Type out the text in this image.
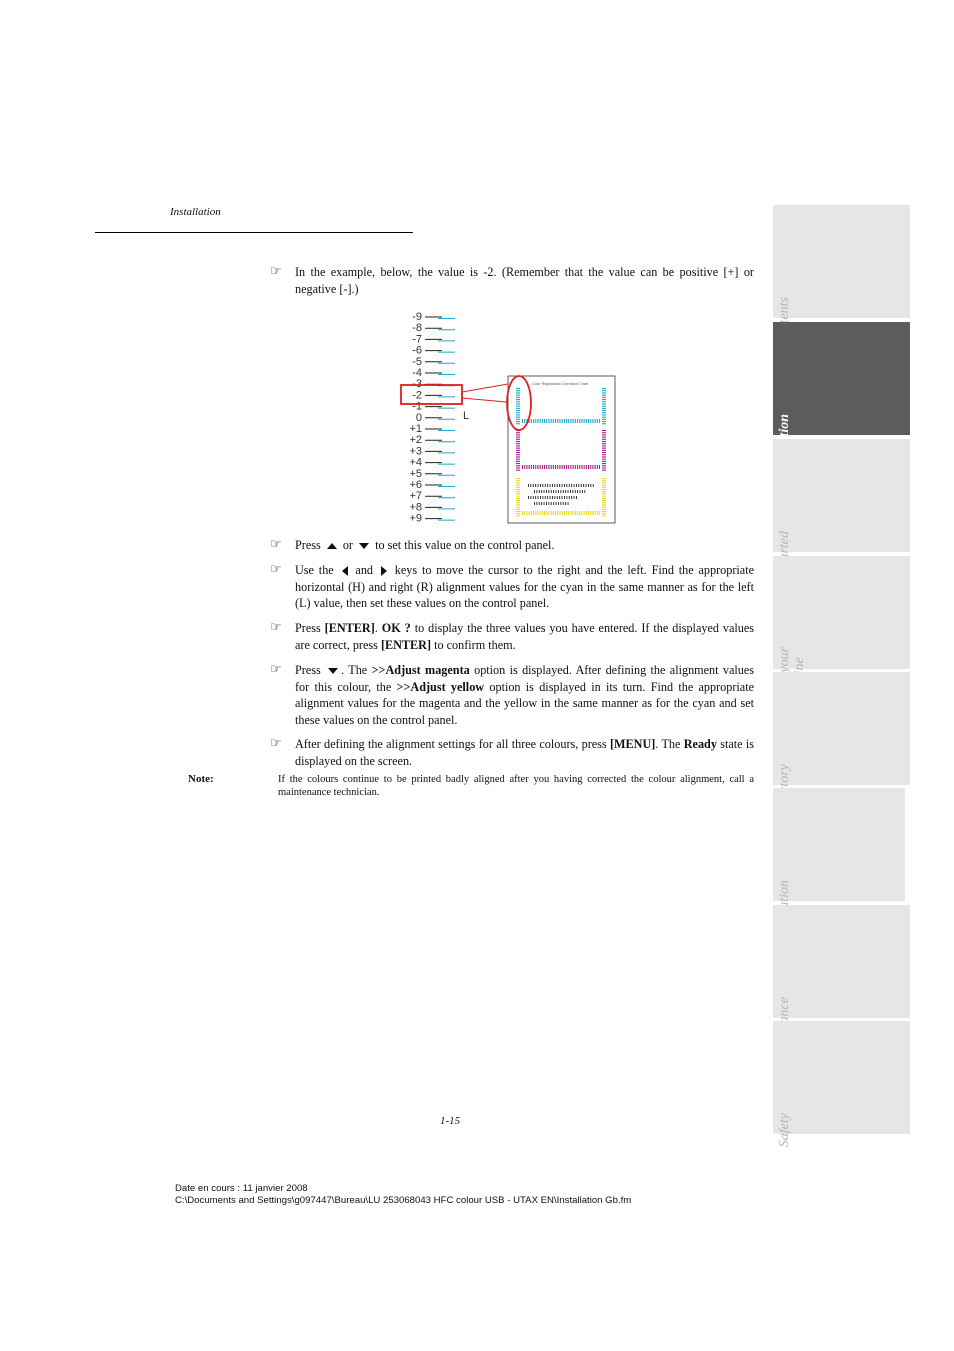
Installation
☞ In the example, below, the value is -2. (Remember that the value can be positive [+] or negative [-].)
-9
-8
-7
-6
-5
-4
-3
-2
-1
0
+1
+2
+3
+4
+5
+6
+7
+8
+9
L
Color Registration Correction Chart
☞ Press or to set this value on the control panel.
☞ Use the and keys to move the cursor to the right and the left. Find the appropriate horizontal (H) and right (R) alignment values for the cyan in the same manner as for the left (L) value, then set these values on the control panel.
☞ Press [ENTER]. OK ? to display the three values you have entered. If the displayed values are correct, press [ENTER] to confirm them.
☞ Press . The >>Adjust magenta option is displayed. After defining the alignment values for this colour, the >>Adjust yellow option is displayed in its turn. Find the appropriate alignment values for the magenta and the yellow in the same manner as for the cyan and set these values on the control panel.
☞ After defining the alignment settings for all three colours, press [MENU]. The Ready state is displayed on the screen.
Note:	If the colours continue to be printed badly aligned after you having corrected the colour alignment, call a maintenance technician.
1-15
Date en cours : 11 janvier 2008
C:\Documents and Settings\g097447\Bureau\LU 253068043 HFC colour USB - UTAX EN\Installation Gb.fm
Safety
